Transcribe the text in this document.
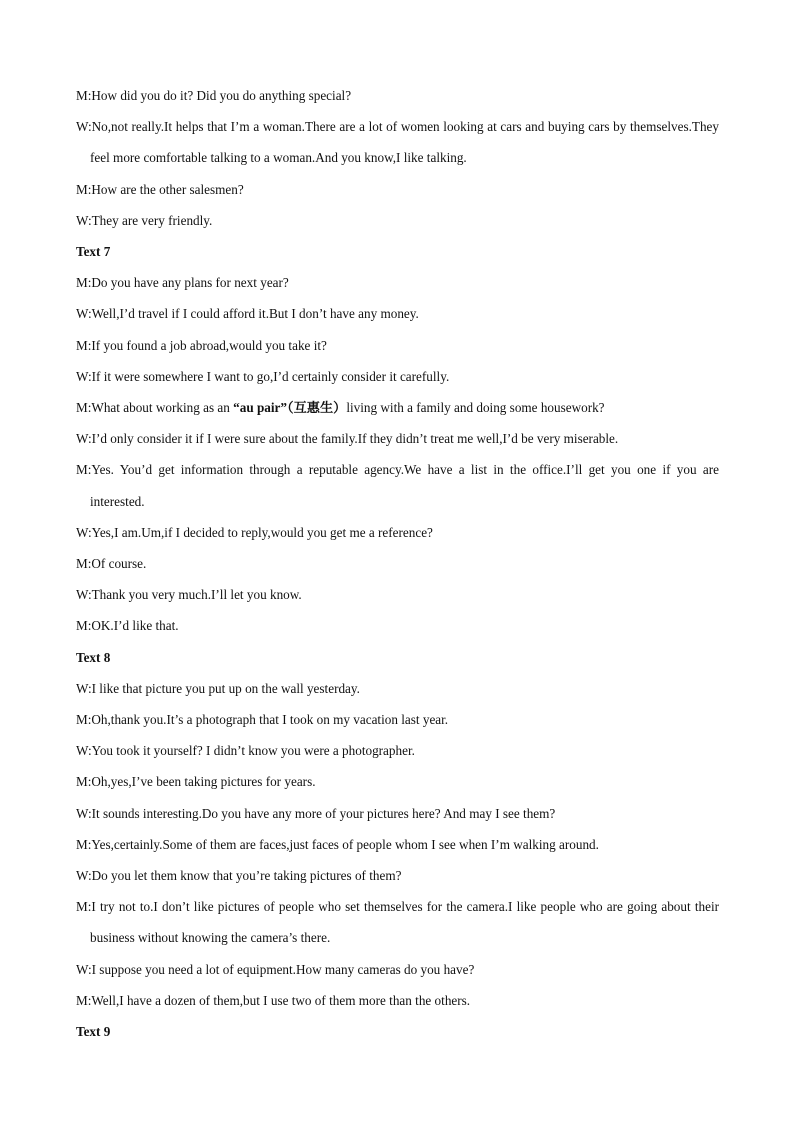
M:How did you do it? Did you do anything special?

W:No,not really.It helps that I’m a woman.There are a lot of women looking at cars and buying cars by themselves.They feel more comfortable talking to a woman.And you know,I like talking.

M:How are the other salesmen?

W:They are very friendly.

Text 7

M:Do you have any plans for next year?

W:Well,I’d travel if I could afford it.But I don’t have any money.

M:If you found a job abroad,would you take it?

W:If it were somewhere I want to go,I’d certainly consider it carefully.

M:What about working as an “au pair”（互惠生）living with a family and doing some housework?

W:I’d only consider it if I were sure about the family.If they didn’t treat me well,I’d be very miserable.

M:Yes. You’d get information through a reputable agency.We have a list in the office.I’ll get you one if you are interested.

W:Yes,I am.Um,if I decided to reply,would you get me a reference?

M:Of course.

W:Thank you very much.I’ll let you know.

M:OK.I’d like that.

Text 8

W:I like that picture you put up on the wall yesterday.

M:Oh,thank you.It’s a photograph that I took on my vacation last year.

W:You took it yourself? I didn’t know you were a photographer.

M:Oh,yes,I’ve been taking pictures for years.

W:It sounds interesting.Do you have any more of your pictures here? And may I see them?

M:Yes,certainly.Some of them are faces,just faces of people whom I see when I’m walking around.

W:Do you let them know that you’re taking pictures of them?

M:I try not to.I don’t like pictures of people who set themselves for the camera.I like people who are going about their business without knowing the camera’s there.

W:I suppose you need a lot of equipment.How many cameras do you have?

M:Well,I have a dozen of them,but I use two of them more than the others.

Text 9
